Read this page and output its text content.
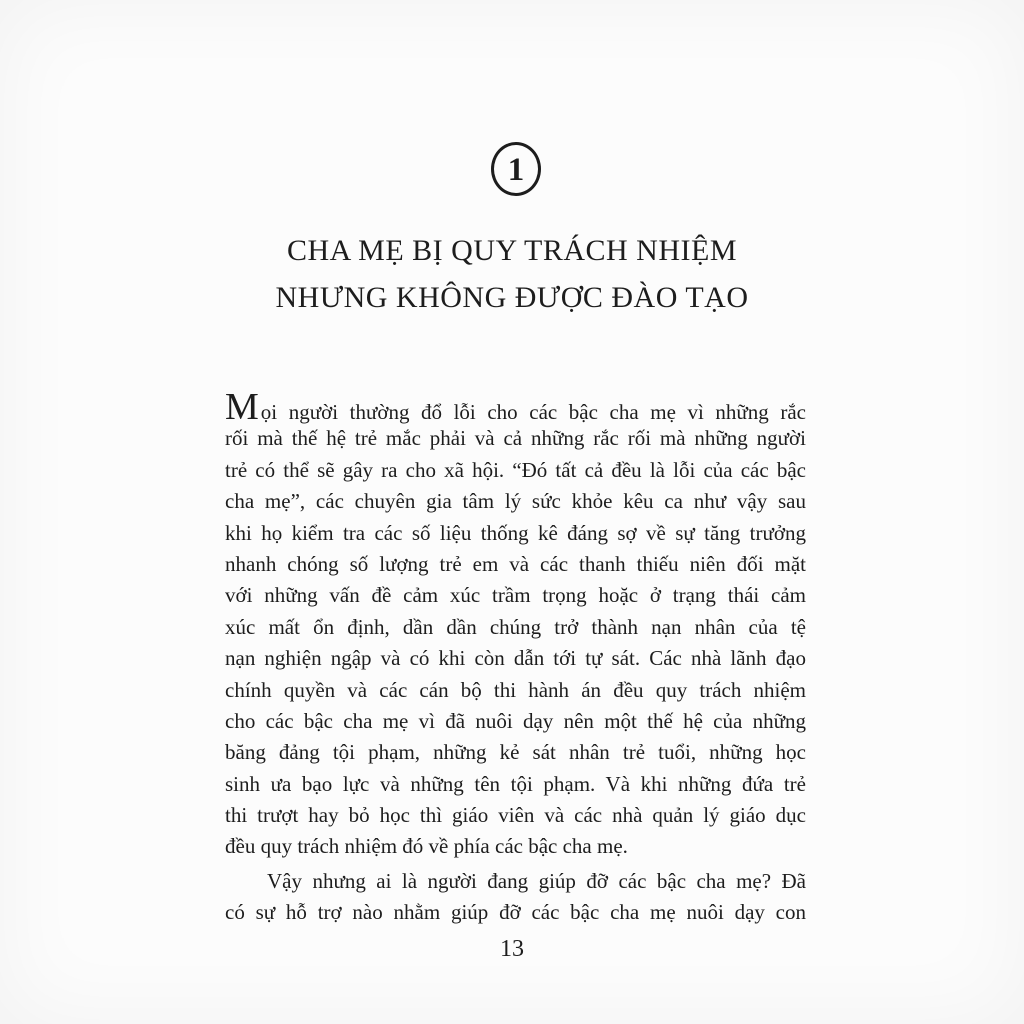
1
CHA MẸ BỊ QUY TRÁCH NHIỆM
NHƯNG KHÔNG ĐƯỢC ĐÀO TẠO
Mọi người thường đổ lỗi cho các bậc cha mẹ vì những rắc
rối mà thế hệ trẻ mắc phải và cả những rắc rối mà những người
trẻ có thể sẽ gây ra cho xã hội. “Đó tất cả đều là lỗi của các bậc
cha mẹ”, các chuyên gia tâm lý sức khỏe kêu ca như vậy sau
khi họ kiểm tra các số liệu thống kê đáng sợ về sự tăng trưởng
nhanh chóng số lượng trẻ em và các thanh thiếu niên đối mặt
với những vấn đề cảm xúc trầm trọng hoặc ở trạng thái cảm
xúc mất ổn định, dần dần chúng trở thành nạn nhân của tệ
nạn nghiện ngập và có khi còn dẫn tới tự sát. Các nhà lãnh đạo
chính quyền và các cán bộ thi hành án đều quy trách nhiệm
cho các bậc cha mẹ vì đã nuôi dạy nên một thế hệ của những
băng đảng tội phạm, những kẻ sát nhân trẻ tuổi, những học
sinh ưa bạo lực và những tên tội phạm. Và khi những đứa trẻ
thi trượt hay bỏ học thì giáo viên và các nhà quản lý giáo dục
đều quy trách nhiệm đó về phía các bậc cha mẹ.
Vậy nhưng ai là người đang giúp đỡ các bậc cha mẹ? Đã
có sự hỗ trợ nào nhằm giúp đỡ các bậc cha mẹ nuôi dạy con
13
